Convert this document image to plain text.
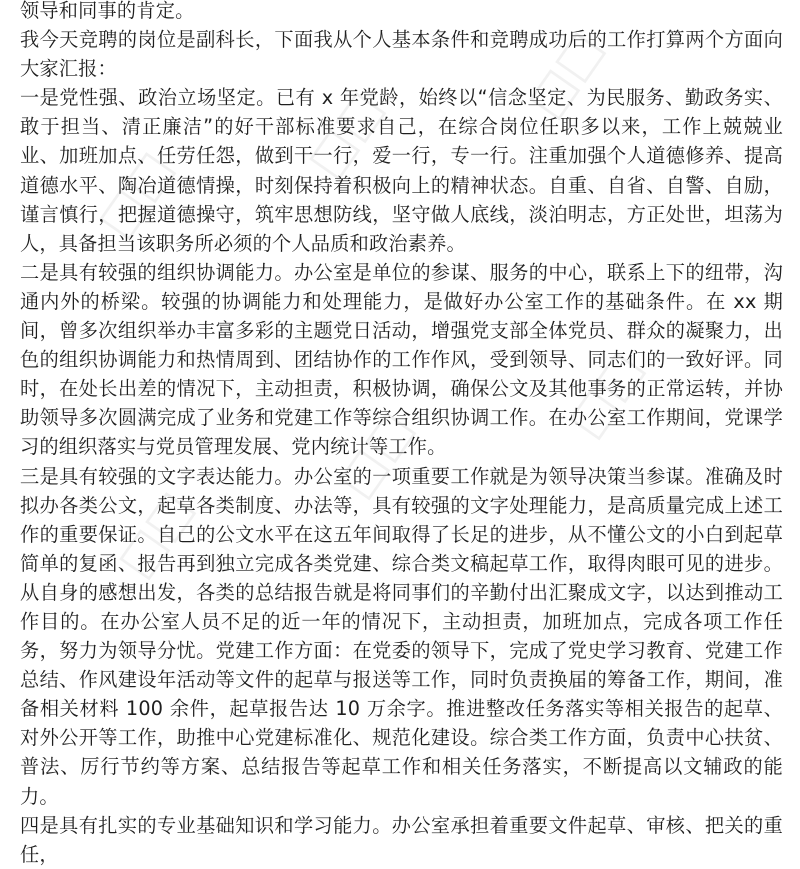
□□
□□
□□
□□
□□
□□

领导和同事的肯定。

我今天竞聘的岗位是副科长，下面我从个人基本条件和竞聘成功后的工作打算两个方面向大家汇报：

一是党性强、政治立场坚定。已有 x 年党龄，始终以“信念坚定、为民服务、勤政务实、敢于担当、清正廉洁”的好干部标准要求自己，在综合岗位任职多以来，工作上兢兢业业、加班加点、任劳任怨，做到干一行，爱一行，专一行。注重加强个人道德修养、提高道德水平、陶冶道德情操，时刻保持着积极向上的精神状态。自重、自省、自警、自励，谨言慎行，把握道德操守，筑牢思想防线，坚守做人底线，淡泊明志，方正处世，坦荡为人，具备担当该职务所必须的个人品质和政治素养。

二是具有较强的组织协调能力。办公室是单位的参谋、服务的中心，联系上下的纽带，沟通内外的桥梁。较强的协调能力和处理能力，是做好办公室工作的基础条件。在 xx 期间，曾多次组织举办丰富多彩的主题党日活动，增强党支部全体党员、群众的凝聚力，出色的组织协调能力和热情周到、团结协作的工作作风，受到领导、同志们的一致好评。同时，在处长出差的情况下，主动担责，积极协调，确保公文及其他事务的正常运转，并协助领导多次圆满完成了业务和党建工作等综合组织协调工作。在办公室工作期间，党课学习的组织落实与党员管理发展、党内统计等工作。

三是具有较强的文字表达能力。办公室的一项重要工作就是为领导决策当参谋。准确及时拟办各类公文，起草各类制度、办法等，具有较强的文字处理能力，是高质量完成上述工作的重要保证。自己的公文水平在这五年间取得了长足的进步，从不懂公文的小白到起草简单的复函、报告再到独立完成各类党建、综合类文稿起草工作，取得肉眼可见的进步。从自身的感想出发，各类的总结报告就是将同事们的辛勤付出汇聚成文字，以达到推动工作目的。在办公室人员不足的近一年的情况下，主动担责，加班加点，完成各项工作任务，努力为领导分忧。党建工作方面：在党委的领导下，完成了党史学习教育、党建工作总结、作风建设年活动等文件的起草与报送等工作，同时负责换届的筹备工作，期间，准备相关材料 100 余件，起草报告达 10 万余字。推进整改任务落实等相关报告的起草、对外公开等工作，助推中心党建标准化、规范化建设。综合类工作方面，负责中心扶贫、普法、厉行节约等方案、总结报告等起草工作和相关任务落实，不断提高以文辅政的能力。

四是具有扎实的专业基础知识和学习能力。办公室承担着重要文件起草、审核、把关的重任，
